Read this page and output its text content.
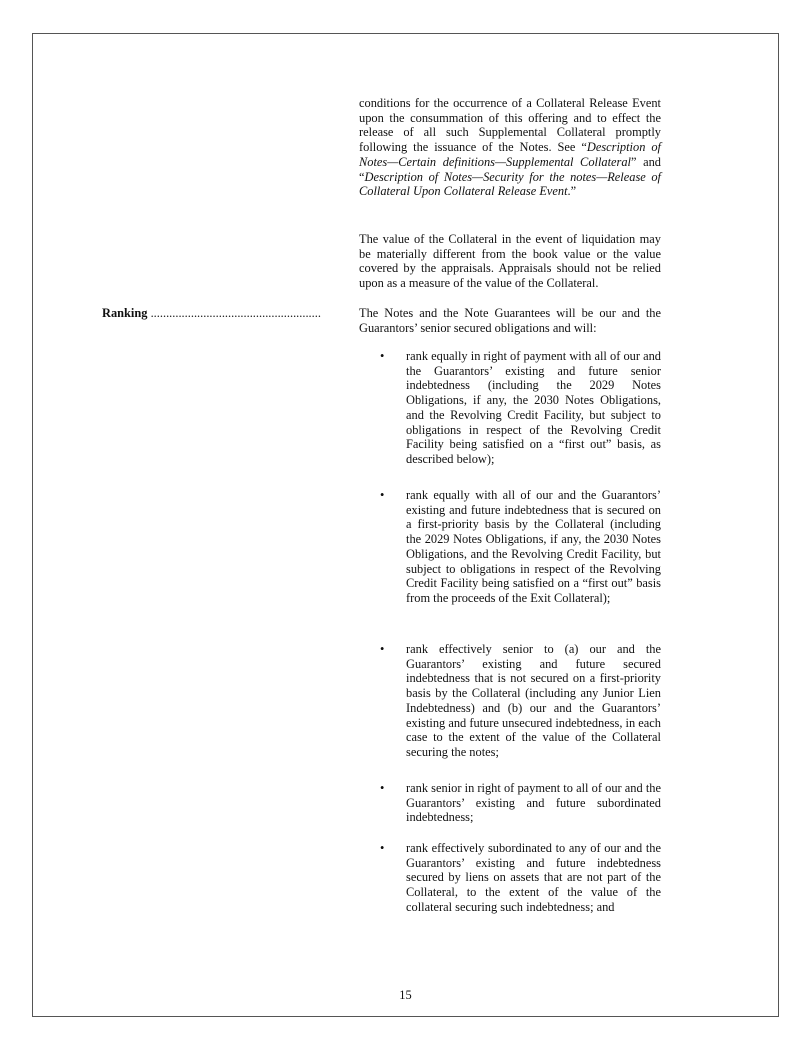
conditions for the occurrence of a Collateral Release Event upon the consummation of this offering and to effect the release of all such Supplemental Collateral promptly following the issuance of the Notes. See “Description of Notes—Certain definitions—Supplemental Collateral” and “Description of Notes—Security for the notes—Release of Collateral Upon Collateral Release Event.”

The value of the Collateral in the event of liquidation may be materially different from the book value or the value covered by the appraisals. Appraisals should not be relied upon as a measure of the value of the Collateral.

Ranking .......................................................	The Notes and the Note Guarantees will be our and the Guarantors’ senior secured obligations and will:

•	rank equally in right of payment with all of our and the Guarantors’ existing and future senior indebtedness (including the 2029 Notes Obligations, if any, the 2030 Notes Obligations, and the Revolving Credit Facility, but subject to obligations in respect of the Revolving Credit Facility being satisfied on a “first out” basis, as described below);
•	rank equally with all of our and the Guarantors’ existing and future indebtedness that is secured on a first-priority basis by the Collateral (including the 2029 Notes Obligations, if any, the 2030 Notes Obligations, and the Revolving Credit Facility, but subject to obligations in respect of the Revolving Credit Facility being satisfied on a “first out” basis from the proceeds of the Exit Collateral);
•	rank effectively senior to (a) our and the Guarantors’ existing and future secured indebtedness that is not secured on a first-priority basis by the Collateral (including any Junior Lien Indebtedness) and (b) our and the Guarantors’ existing and future unsecured indebtedness, in each case to the extent of the value of the Collateral securing the notes;
•	rank senior in right of payment to all of our and the Guarantors’ existing and future subordinated indebtedness;
•	rank effectively subordinated to any of our and the Guarantors’ existing and future indebtedness secured by liens on assets that are not part of the Collateral, to the extent of the value of the collateral securing such indebtedness; and
15
